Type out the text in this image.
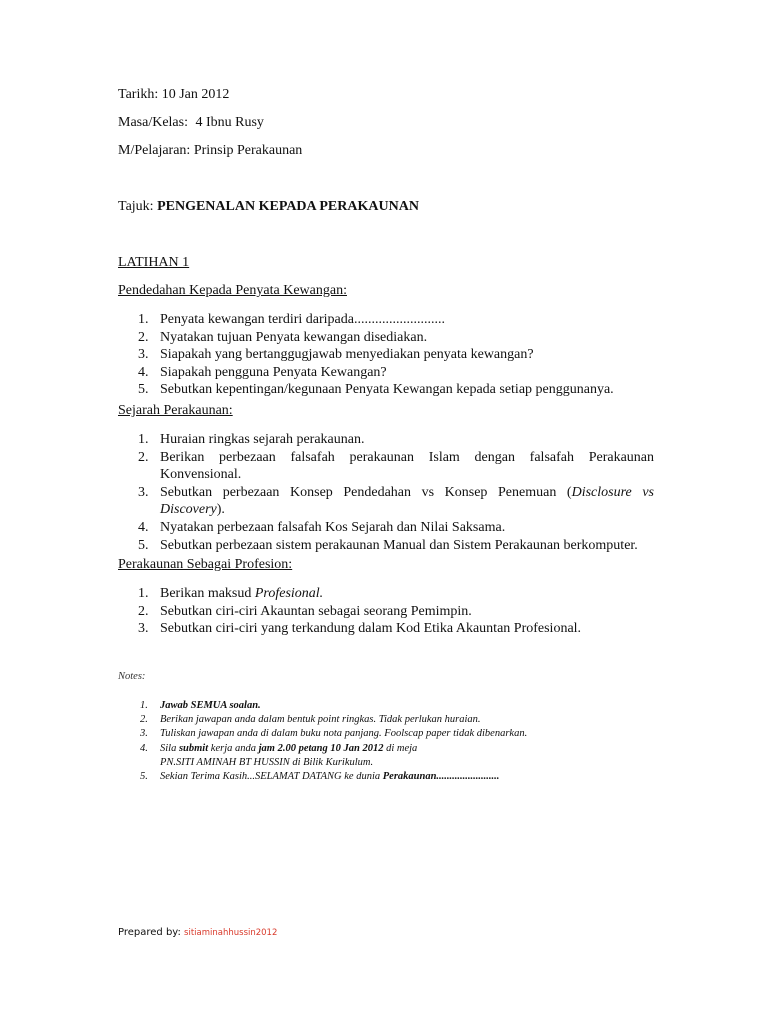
Tarikh: 10 Jan 2012
Masa/Kelas: 4 Ibnu Rusy
M/Pelajaran: Prinsip Perakaunan
Tajuk: PENGENALAN KEPADA PERAKAUNAN
LATIHAN 1
Pendedahan Kepada Penyata Kewangan:
1. Penyata kewangan terdiri daripada..........................
2. Nyatakan tujuan Penyata kewangan disediakan.
3. Siapakah yang bertanggugjawab menyediakan penyata kewangan?
4. Siapakah pengguna Penyata Kewangan?
5. Sebutkan kepentingan/kegunaan Penyata Kewangan kepada setiap penggunanya.
Sejarah Perakaunan:
1. Huraian ringkas sejarah perakaunan.
2. Berikan perbezaan falsafah perakaunan Islam dengan falsafah Perakaunan Konvensional.
3. Sebutkan perbezaan Konsep Pendedahan vs Konsep Penemuan (Disclosure vs Discovery).
4. Nyatakan perbezaan falsafah Kos Sejarah dan Nilai Saksama.
5. Sebutkan perbezaan sistem perakaunan Manual dan Sistem Perakaunan berkomputer.
Perakaunan Sebagai Profesion:
1. Berikan maksud Profesional.
2. Sebutkan ciri-ciri Akauntan sebagai seorang Pemimpin.
3. Sebutkan ciri-ciri yang terkandung dalam Kod Etika Akauntan Profesional.
Notes:
1. Jawab SEMUA soalan.
2. Berikan jawapan anda dalam bentuk point ringkas. Tidak perlukan huraian.
3. Tuliskan jawapan anda di dalam buku nota panjang. Foolscap paper tidak dibenarkan.
4. Sila submit kerja anda jam 2.00 petang 10 Jan 2012 di meja
PN.SITI AMINAH BT HUSSIN di Bilik Kurikulum.
5. Sekian Terima Kasih...SELAMAT DATANG ke dunia Perakaunan........................
Prepared by: sitiaminahhussin2012
